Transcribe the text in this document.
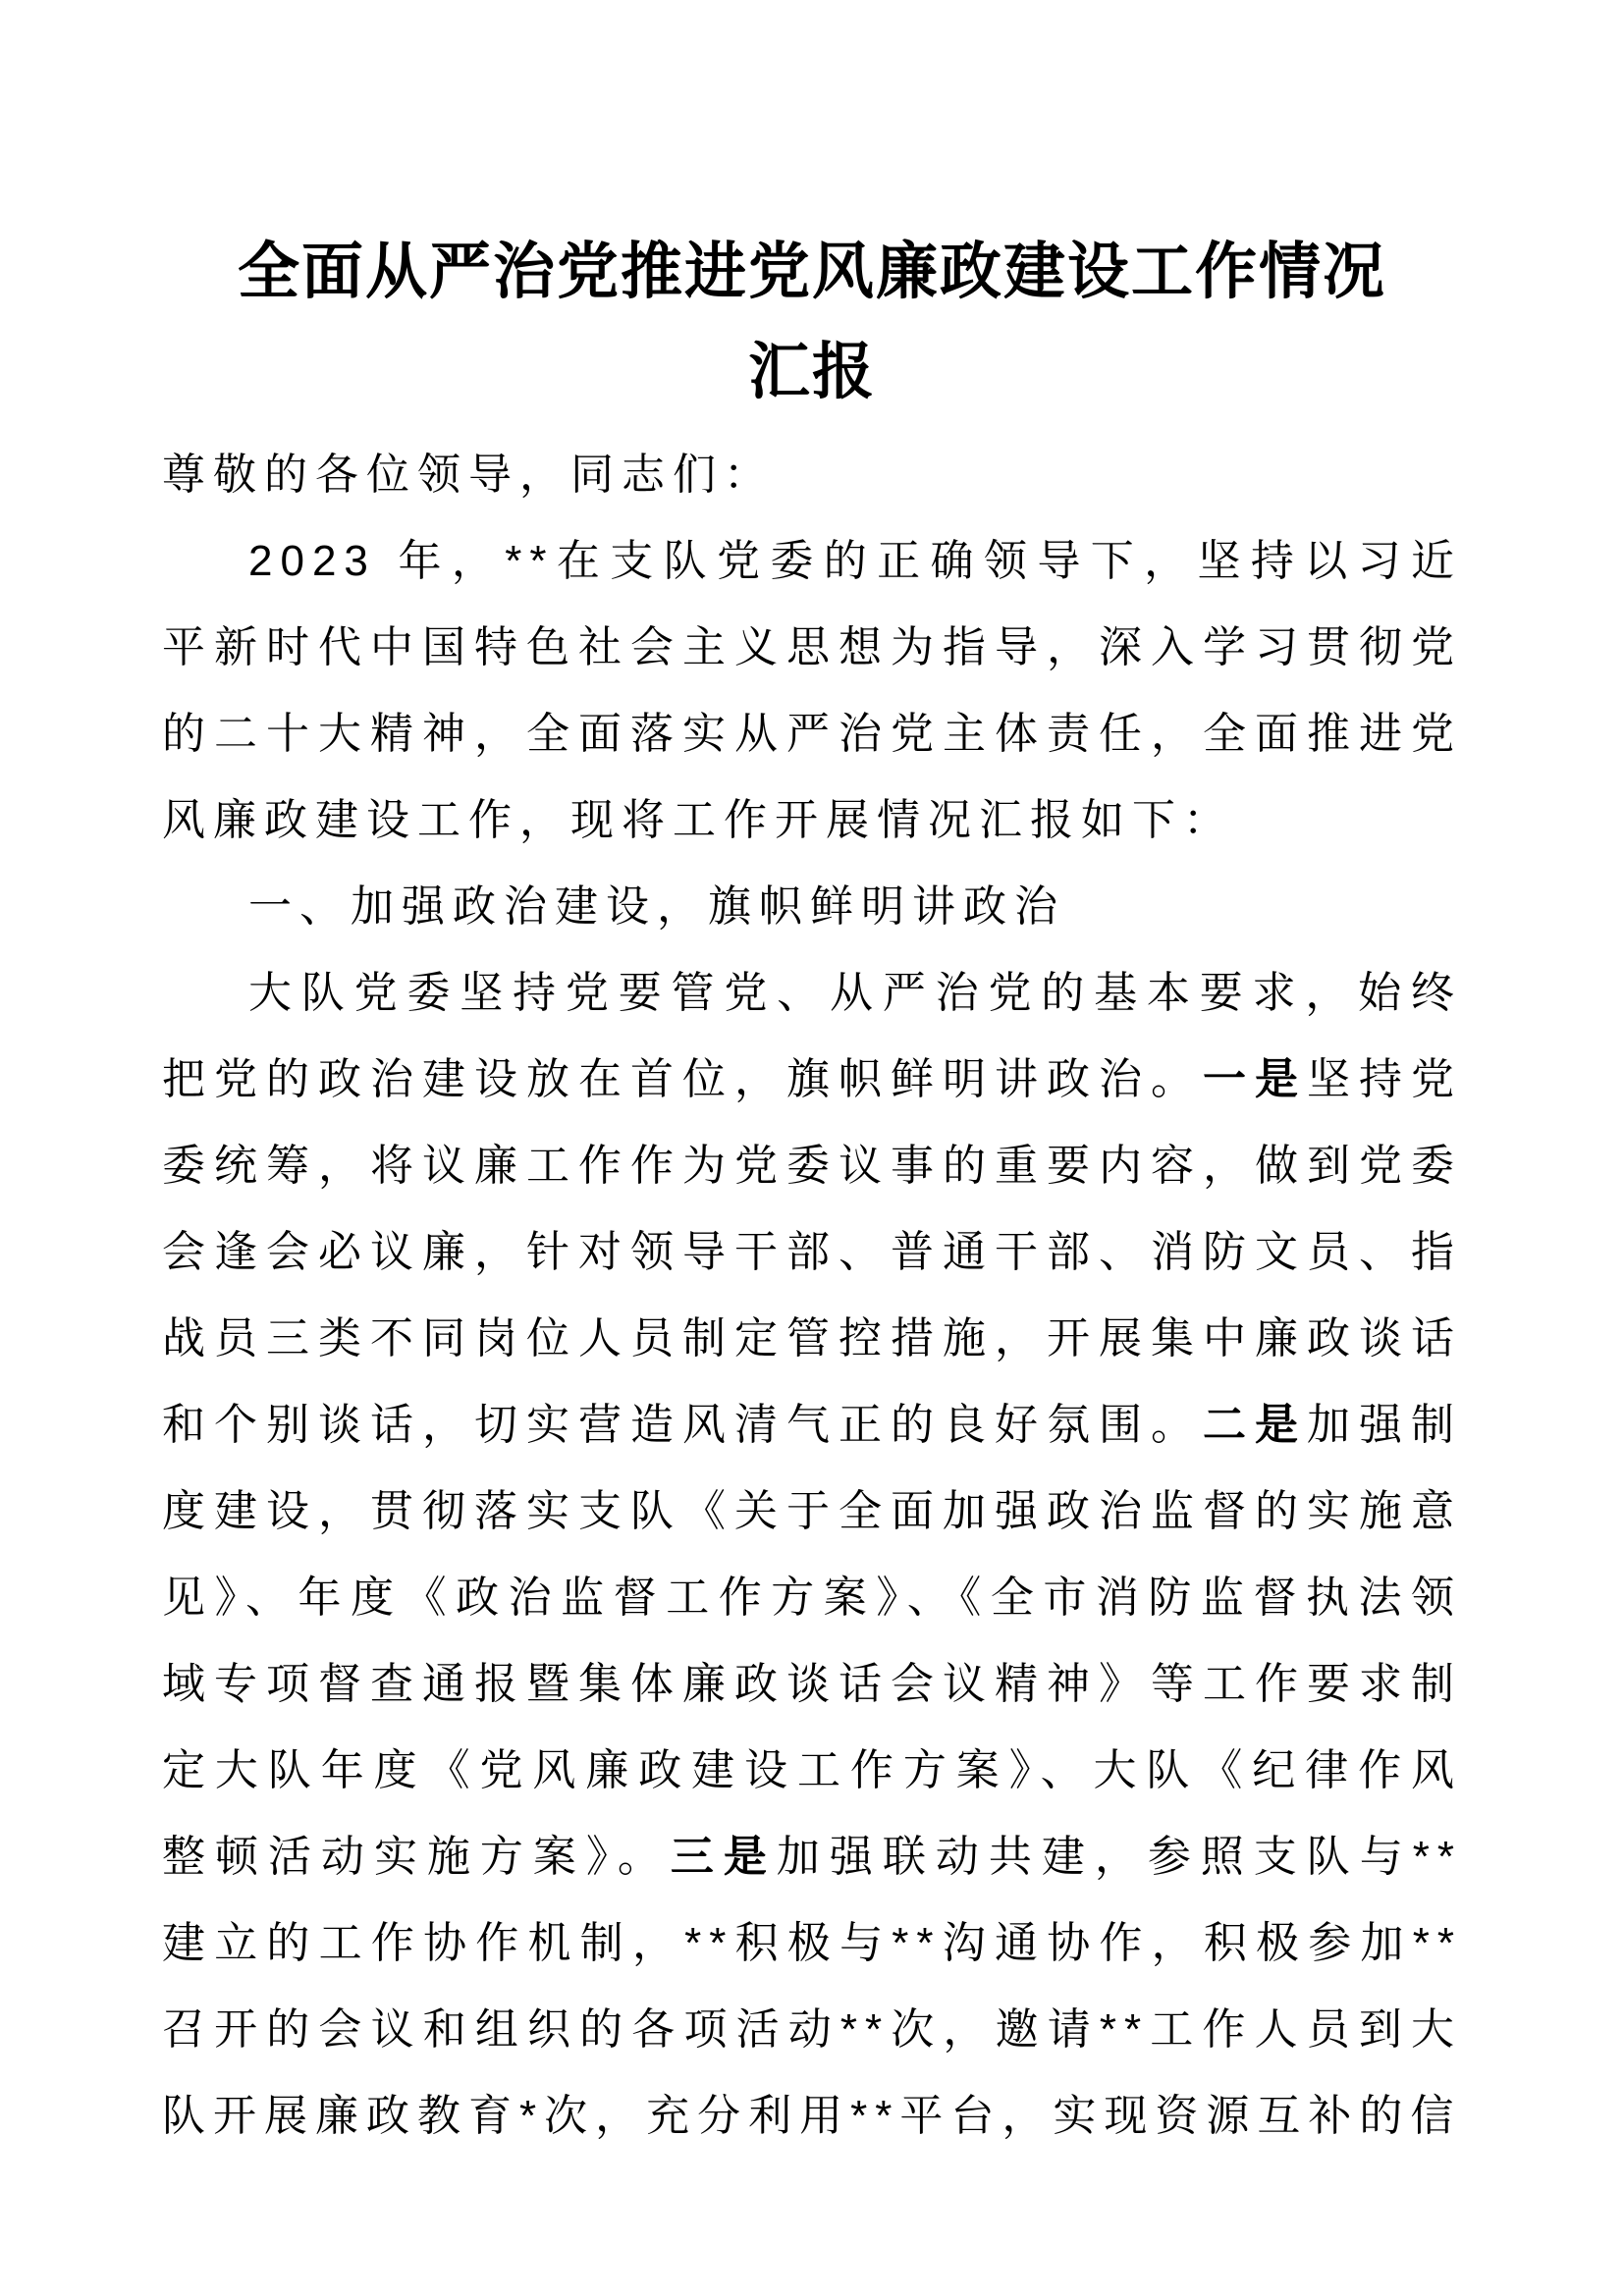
全面从严治党推进党风廉政建设工作情况汇报

尊敬的各位领导，同志们：

2023 年，**在支队党委的正确领导下，坚持以习近平新时代中国特色社会主义思想为指导，深入学习贯彻党的二十大精神，全面落实从严治党主体责任，全面推进党风廉政建设工作，现将工作开展情况汇报如下：

一、加强政治建设，旗帜鲜明讲政治

大队党委坚持党要管党、从严治党的基本要求，始终把党的政治建设放在首位，旗帜鲜明讲政治。一是坚持党委统筹，将议廉工作作为党委议事的重要内容，做到党委会逢会必议廉，针对领导干部、普通干部、消防文员、指战员三类不同岗位人员制定管控措施，开展集中廉政谈话和个别谈话，切实营造风清气正的良好氛围。二是加强制度建设，贯彻落实支队《关于全面加强政治监督的实施意见》、年度《政治监督工作方案》、《全市消防监督执法领域专项督查通报暨集体廉政谈话会议精神》等工作要求制定大队年度《党风廉政建设工作方案》、大队《纪律作风整顿活动实施方案》。三是加强联动共建，参照支队与**建立的工作协作机制，**积极与**沟通协作，积极参加**召开的会议和组织的各项活动**次，邀请**工作人员到大队开展廉政教育*次，充分利用**平台，实现资源互补的信
